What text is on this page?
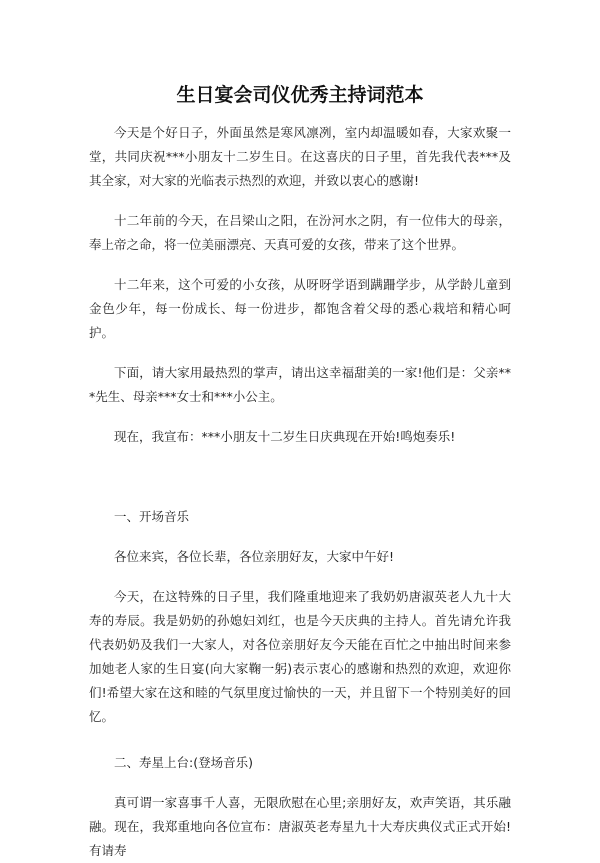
生日宴会司仪优秀主持词范本

今天是个好日子，外面虽然是寒风凛冽，室内却温暖如春，大家欢聚一堂，共同庆祝***小朋友十二岁生日。在这喜庆的日子里，首先我代表***及其全家，对大家的光临表示热烈的欢迎，并致以衷心的感谢!

十二年前的今天，在吕梁山之阳，在汾河水之阴，有一位伟大的母亲，奉上帝之命，将一位美丽漂亮、天真可爱的女孩，带来了这个世界。

十二年来，这个可爱的小女孩，从呀呀学语到蹒跚学步，从学龄儿童到金色少年，每一份成长、每一份进步，都饱含着父母的悉心栽培和精心呵护。

下面，请大家用最热烈的掌声，请出这幸福甜美的一家!他们是：父亲***先生、母亲***女士和***小公主。

现在，我宣布：***小朋友十二岁生日庆典现在开始!鸣炮奏乐!

一、开场音乐

各位来宾，各位长辈，各位亲朋好友，大家中午好!

今天，在这特殊的日子里，我们隆重地迎来了我奶奶唐淑英老人九十大寿的寿辰。我是奶奶的孙媳妇刘红，也是今天庆典的主持人。首先请允许我代表奶奶及我们一大家人，对各位亲朋好友今天能在百忙之中抽出时间来参加她老人家的生日宴(向大家鞠一躬)表示衷心的感谢和热烈的欢迎，欢迎你们!希望大家在这和睦的气氛里度过愉快的一天，并且留下一个特别美好的回忆。

二、寿星上台:(登场音乐)

真可谓一家喜事千人喜，无限欣慰在心里;亲朋好友，欢声笑语，其乐融融。现在，我郑重地向各位宣布：唐淑英老寿星九十大寿庆典仪式正式开始!有请寿
